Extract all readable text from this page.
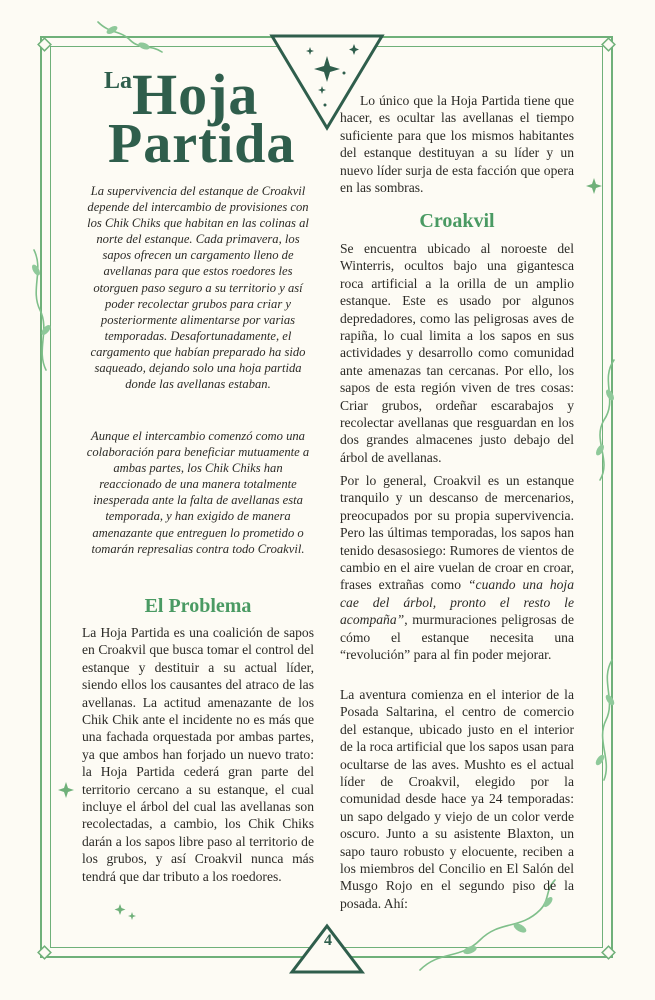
La Hoja
Partida

La supervivencia del estanque de Croakvil depende del intercambio de provisiones con los Chik Chiks que habitan en las colinas al norte del estanque. Cada primavera, los sapos ofrecen un cargamento lleno de avellanas para que estos roedores les otorguen paso seguro a su territorio y así poder recolectar grubos para criar y posteriormente alimentarse por varias temporadas. Desafortunadamente, el cargamento que habían preparado ha sido saqueado, dejando solo una hoja partida donde las avellanas estaban.

Aunque el intercambio comenzó como una colaboración para beneficiar mutuamente a ambas partes, los Chik Chiks han reaccionado de una manera totalmente inesperada ante la falta de avellanas esta temporada, y han exigido de manera amenazante que entreguen lo prometido o tomarán represalias contra todo Croakvil.

El Problema

La Hoja Partida es una coalición de sapos en Croakvil que busca tomar el control del estanque y destituir a su actual líder, siendo ellos los causantes del atraco de las avellanas. La actitud amenazante de los Chik Chik ante el incidente no es más que una fachada orquestada por ambas partes, ya que ambos han forjado un nuevo trato: la Hoja Partida cederá gran parte del territorio cercano a su estanque, el cual incluye el árbol del cual las avellanas son recolectadas, a cambio, los Chik Chiks darán a los sapos libre paso al territorio de los grubos, y así Croakvil nunca más tendrá que dar tributo a los roedores.

Lo único que la Hoja Partida tiene que hacer, es ocultar las avellanas el tiempo suficiente para que los mismos habitantes del estanque destituyan a su líder y un nuevo líder surja de esta facción que opera en las sombras.

Croakvil

Se encuentra ubicado al noroeste del Winterris, ocultos bajo una gigantesca roca artificial a la orilla de un amplio estanque. Este es usado por algunos depredadores, como las peligrosas aves de rapiña, lo cual limita a los sapos en sus actividades y desarrollo como comunidad ante amenazas tan cercanas. Por ello, los sapos de esta región viven de tres cosas: Criar grubos, ordeñar escarabajos y recolectar avellanas que resguardan en los dos grandes almacenes justo debajo del árbol de avellanas.

Por lo general, Croakvil es un estanque tranquilo y un descanso de mercenarios, preocupados por su propia supervivencia. Pero las últimas temporadas, los sapos han tenido desasosiego: Rumores de vientos de cambio en el aire vuelan de croar en croar, frases extrañas como “cuando una hoja cae del árbol, pronto el resto le acompaña”, murmuraciones peligrosas de cómo el estanque necesita una “revolución” para al fin poder mejorar.

La aventura comienza en el interior de la Posada Saltarina, el centro de comercio del estanque, ubicado justo en el interior de la roca artificial que los sapos usan para ocultarse de las aves. Mushto es el actual líder de Croakvil, elegido por la comunidad desde hace ya 24 temporadas: un sapo delgado y viejo de un color verde oscuro. Junto a su asistente Blaxton, un sapo tauro robusto y elocuente, reciben a los miembros del Concilio en El Salón del Musgo Rojo en el segundo piso de la posada. Ahí:

4
